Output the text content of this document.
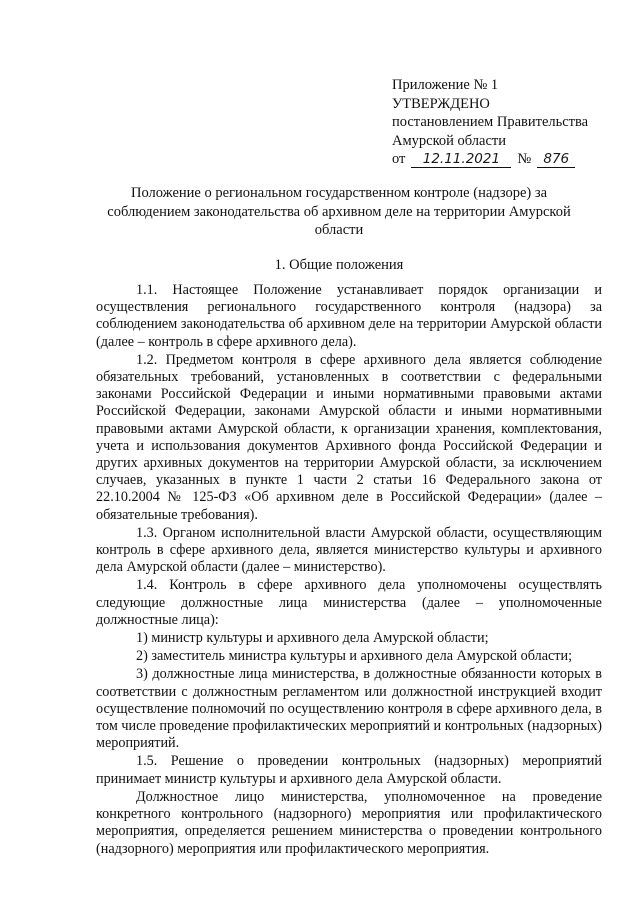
Приложение № 1
УТВЕРЖДЕНО
постановлением Правительства
Амурской области
от 12.11.2021 № 876
Положение о региональном государственном контроле (надзоре) за соблюдением законодательства об архивном деле на территории Амурской области
1. Общие положения

1.1. Настоящее Положение устанавливает порядок организации и осуществления регионального государственного контроля (надзора) за соблюдением законодательства об архивном деле на территории Амурской области (далее – контроль в сфере архивного дела).

1.2. Предметом контроля в сфере архивного дела является соблюдение обязательных требований, установленных в соответствии с федеральными законами Российской Федерации и иными нормативными правовыми актами Российской Федерации, законами Амурской области и иными нормативными правовыми актами Амурской области, к организации хранения, комплектования, учета и использования документов Архивного фонда Российской Федерации и других архивных документов на территории Амурской области, за исключением случаев, указанных в пункте 1 части 2 статьи 16 Федерального закона от 22.10.2004 № 125-ФЗ «Об архивном деле в Российской Федерации» (далее – обязательные требования).

1.3. Органом исполнительной власти Амурской области, осуществляющим контроль в сфере архивного дела, является министерство культуры и архивного дела Амурской области (далее – министерство).

1.4. Контроль в сфере архивного дела уполномочены осуществлять следующие должностные лица министерства (далее – уполномоченные должностные лица):

1) министр культуры и архивного дела Амурской области;

2) заместитель министра культуры и архивного дела Амурской области;

3) должностные лица министерства, в должностные обязанности которых в соответствии с должностным регламентом или должностной инструкцией входит осуществление полномочий по осуществлению контроля в сфере архивного дела, в том числе проведение профилактических мероприятий и контрольных (надзорных) мероприятий.

1.5. Решение о проведении контрольных (надзорных) мероприятий принимает министр культуры и архивного дела Амурской области.

Должностное лицо министерства, уполномоченное на проведение конкретного контрольного (надзорного) мероприятия или профилактического мероприятия, определяется решением министерства о проведении контрольного (надзорного) мероприятия или профилактического мероприятия.
